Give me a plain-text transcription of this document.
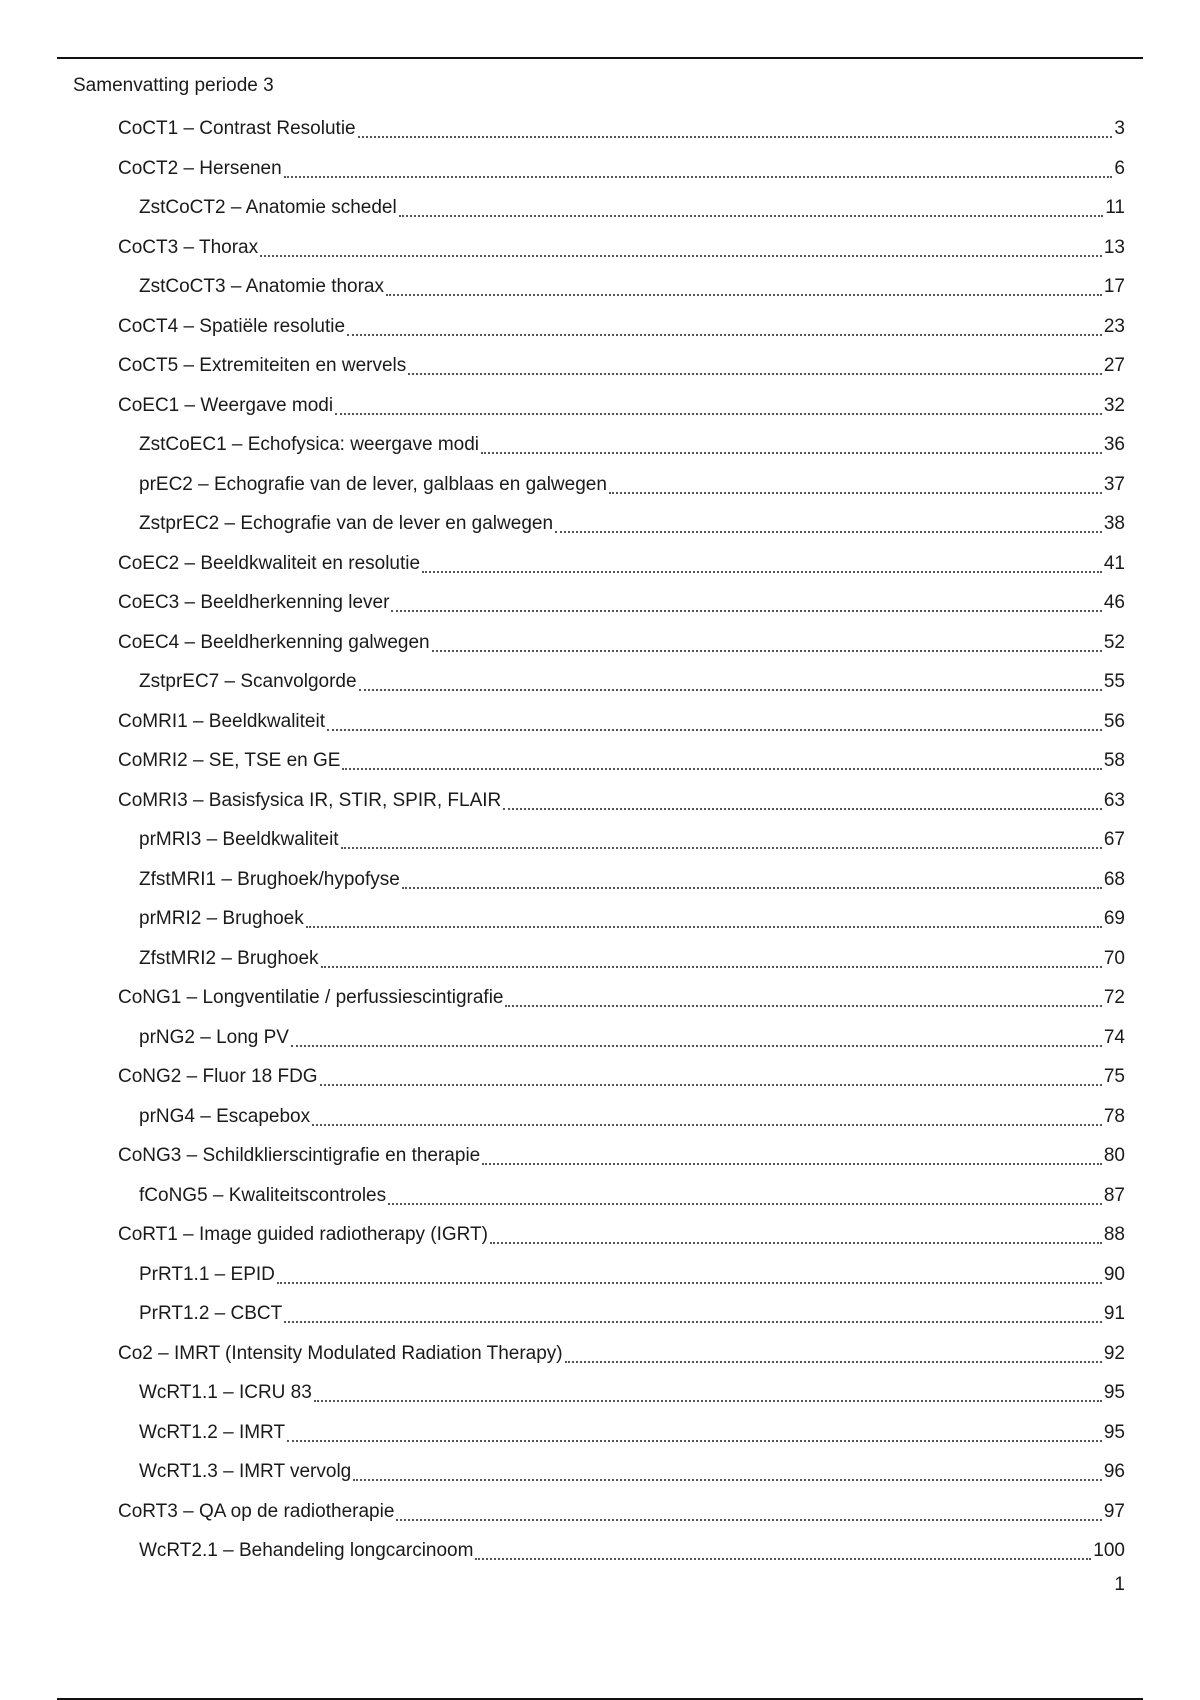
Samenvatting periode 3
CoCT1 – Contrast Resolutie	3
CoCT2 – Hersenen	6
ZstCoCT2 – Anatomie schedel	11
CoCT3 – Thorax	13
ZstCoCT3 – Anatomie thorax	17
CoCT4 – Spatiële resolutie	23
CoCT5 – Extremiteiten en wervels	27
CoEC1 – Weergave modi	32
ZstCoEC1 – Echofysica: weergave modi	36
prEC2 – Echografie van de lever, galblaas en galwegen	37
ZstprEC2 – Echografie van de lever en galwegen	38
CoEC2 – Beeldkwaliteit en resolutie	41
CoEC3 – Beeldherkenning lever	46
CoEC4 – Beeldherkenning galwegen	52
ZstprEC7 – Scanvolgorde	55
CoMRI1 – Beeldkwaliteit	56
CoMRI2 – SE, TSE en GE	58
CoMRI3 – Basisfysica IR, STIR, SPIR, FLAIR	63
prMRI3 – Beeldkwaliteit	67
ZfstMRI1 – Brughoek/hypofyse	68
prMRI2 – Brughoek	69
ZfstMRI2 – Brughoek	70
CoNG1 – Longventilatie / perfussiescintigrafie	72
prNG2 – Long PV	74
CoNG2 – Fluor 18 FDG	75
prNG4 – Escapebox	78
CoNG3 – Schildklierscintigrafie en therapie	80
fCoNG5 – Kwaliteitscontroles	87
CoRT1 – Image guided radiotherapy (IGRT)	88
PrRT1.1 – EPID	90
PrRT1.2 – CBCT	91
Co2 – IMRT (Intensity Modulated Radiation Therapy)	92
WcRT1.1 – ICRU 83	95
WcRT1.2 – IMRT	95
WcRT1.3 – IMRT vervolg	96
CoRT3 – QA op de radiotherapie	97
WcRT2.1 – Behandeling longcarcinoom	100
1
